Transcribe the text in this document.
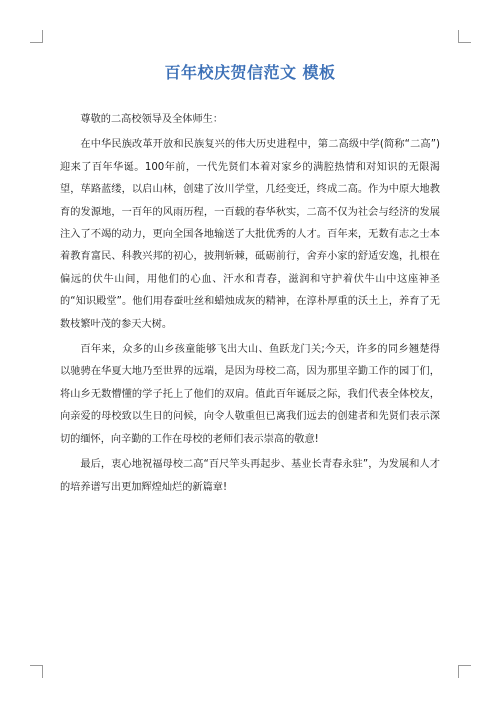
百年校庆贺信范文 模板

尊敬的二高校领导及全体师生：

在中华民族改革开放和民族复兴的伟大历史进程中，第二高级中学(简称“二高”)迎来了百年华诞。100年前，一代先贤们本着对家乡的满腔热情和对知识的无限渴望，荜路蓝缕，以启山林，创建了汝川学堂，几经变迁，终成二高。作为中原大地教育的发源地，一百年的风雨历程，一百载的春华秋实，二高不仅为社会与经济的发展注入了不竭的动力，更向全国各地输送了大批优秀的人才。百年来，无数有志之士本着教育富民、科教兴邦的初心，披荆斩棘，砥砺前行，舍弃小家的舒适安逸，扎根在偏远的伏牛山间，用他们的心血、汗水和青春，滋润和守护着伏牛山中这座神圣的“知识殿堂”。他们用春蚕吐丝和蜡烛成灰的精神，在淳朴厚重的沃土上，养育了无数枝繁叶茂的参天大树。

百年来，众多的山乡孩童能够飞出大山、鱼跃龙门关;今天，许多的同乡翘楚得以驰骋在华夏大地乃至世界的远端，是因为母校二高，因为那里辛勤工作的园丁们，将山乡无数懵懂的学子托上了他们的双肩。值此百年诞辰之际，我们代表全体校友，向亲爱的母校致以生日的问候，向令人敬重但已离我们远去的创建者和先贤们表示深切的缅怀，向辛勤的工作在母校的老师们表示崇高的敬意!

最后，衷心地祝福母校二高“百尺竿头再起步、基业长青春永驻”，为发展和人才的培养谱写出更加辉煌灿烂的新篇章!
